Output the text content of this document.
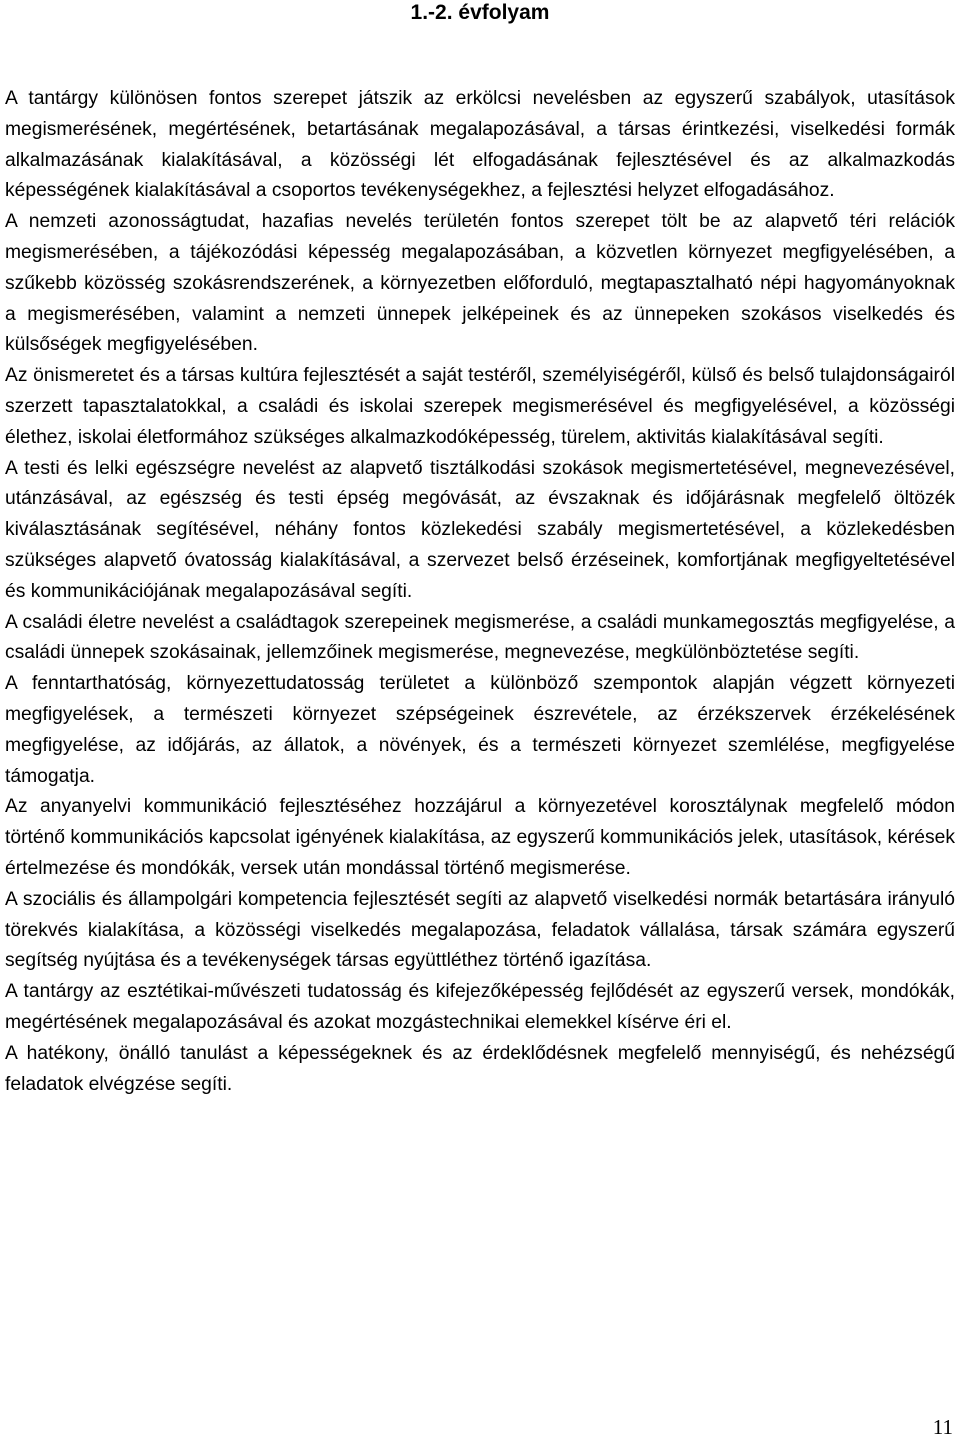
1.-2. évfolyam

A tantárgy különösen fontos szerepet játszik az erkölcsi nevelésben az egyszerű szabályok, utasítások megismerésének, megértésének, betartásának megalapozásával, a társas érintkezési, viselkedési formák alkalmazásának kialakításával, a közösségi lét elfogadásának fejlesztésével és az alkalmazkodás képességének kialakításával a csoportos tevékenységekhez, a fejlesztési helyzet elfogadásához.

A nemzeti azonosságtudat, hazafias nevelés területén fontos szerepet tölt be az alapvető téri relációk megismerésében, a tájékozódási képesség megalapozásában, a közvetlen környezet megfigyelésében, a szűkebb közösség szokásrendszerének, a környezetben előforduló, megtapasztalható népi hagyományoknak a megismerésében, valamint a nemzeti ünnepek jelképeinek és az ünnepeken szokásos viselkedés és külsőségek megfigyelésében.

Az önismeretet és a társas kultúra fejlesztését a saját testéről, személyiségéről, külső és belső tulajdonságairól szerzett tapasztalatokkal, a családi és iskolai szerepek megismerésével és megfigyelésével, a közösségi élethez, iskolai életformához szükséges alkalmazkodóképesség, türelem, aktivitás kialakításával segíti.

A testi és lelki egészségre nevelést az alapvető tisztálkodási szokások megismertetésével, megnevezésével, utánzásával, az egészség és testi épség megóvását, az évszaknak és időjárásnak megfelelő öltözék kiválasztásának segítésével, néhány fontos közlekedési szabály megismertetésével, a közlekedésben szükséges alapvető óvatosság kialakításával, a szervezet belső érzéseinek, komfortjának megfigyeltetésével és kommunikációjának megalapozásával segíti.

A családi életre nevelést a családtagok szerepeinek megismerése, a családi munkamegosztás megfigyelése, a családi ünnepek szokásainak, jellemzőinek megismerése, megnevezése, megkülönböztetése segíti.

A fenntarthatóság, környezettudatosság területet a különböző szempontok alapján végzett környezeti megfigyelések, a természeti környezet szépségeinek észrevétele, az érzékszervek érzékelésének megfigyelése, az időjárás, az állatok, a növények, és a természeti környezet szemlélése, megfigyelése támogatja.

Az anyanyelvi kommunikáció fejlesztéséhez hozzájárul a környezetével korosztálynak megfelelő módon történő kommunikációs kapcsolat igényének kialakítása, az egyszerű kommunikációs jelek, utasítások, kérések értelmezése és mondókák, versek után mondással történő megismerése.

A szociális és állampolgári kompetencia fejlesztését segíti az alapvető viselkedési normák betartására irányuló törekvés kialakítása, a közösségi viselkedés megalapozása, feladatok vállalása, társak számára egyszerű segítség nyújtása és a tevékenységek társas együttléthez történő igazítása.

A tantárgy az esztétikai-művészeti tudatosság és kifejezőképesség fejlődését az egyszerű versek, mondókák, megértésének megalapozásával és azokat mozgástechnikai elemekkel kísérve éri el.

A hatékony, önálló tanulást a képességeknek és az érdeklődésnek megfelelő mennyiségű, és nehézségű feladatok elvégzése segíti.

11
